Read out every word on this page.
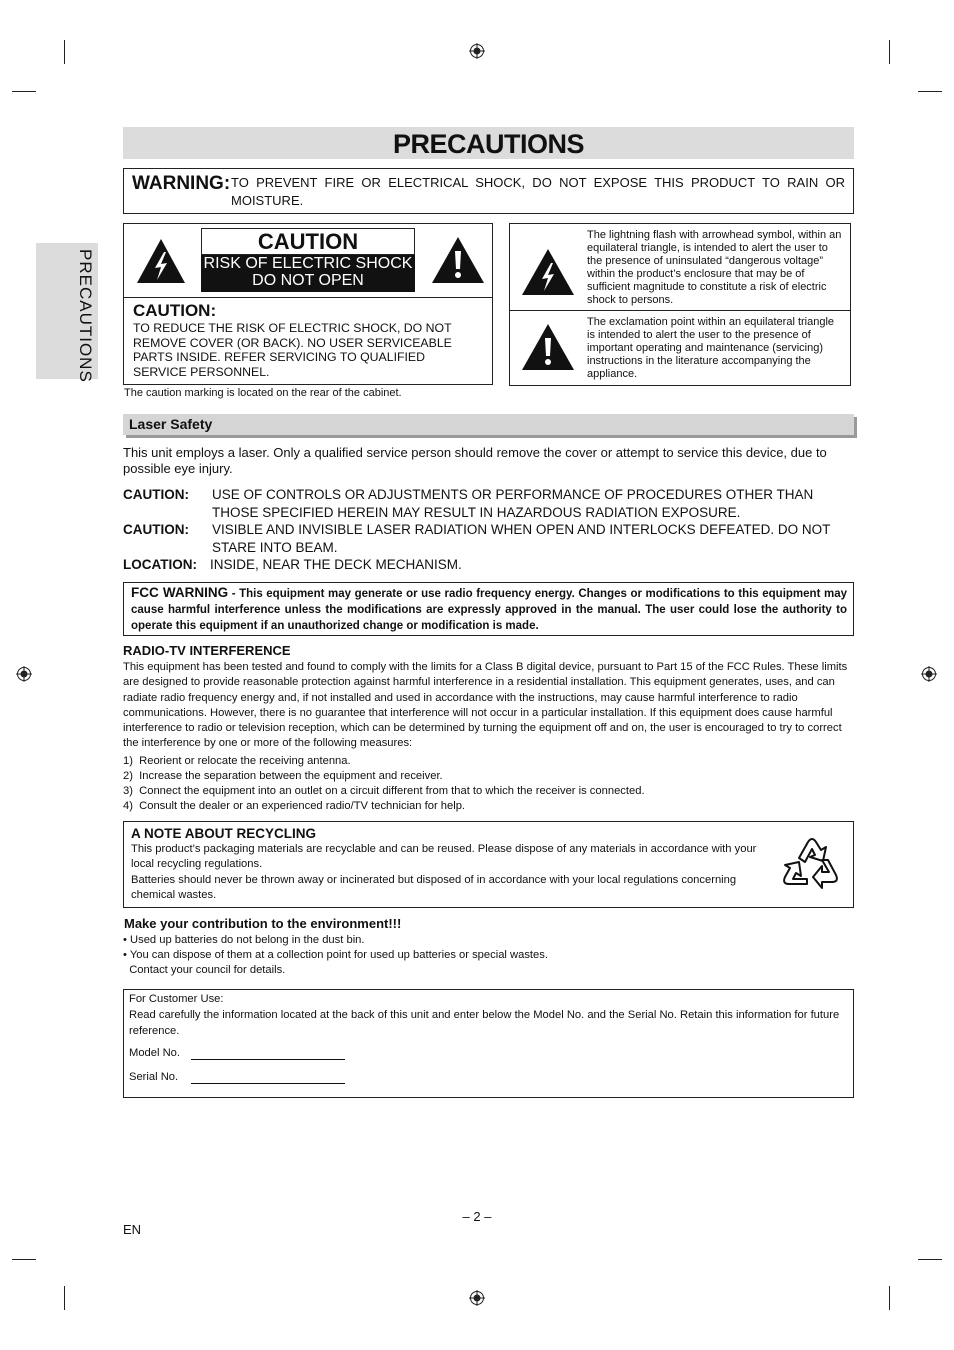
PRECAUTIONS
PRECAUTIONS
WARNING: TO PREVENT FIRE OR ELECTRICAL SHOCK, DO NOT EXPOSE THIS PRODUCT TO RAIN OR
MOISTURE.
CAUTION
RISK OF ELECTRIC SHOCK
DO NOT OPEN
CAUTION:
TO REDUCE THE RISK OF ELECTRIC SHOCK, DO NOT REMOVE COVER (OR BACK). NO USER SERVICEABLE PARTS INSIDE. REFER SERVICING TO QUALIFIED SERVICE PERSONNEL.
The caution marking is located on the rear of the cabinet.
The lightning flash with arrowhead symbol, within an equilateral triangle, is intended to alert the user to the presence of uninsulated “dangerous voltage” within the product’s enclosure that may be of sufficient magnitude to constitute a risk of electric shock to persons.
The exclamation point within an equilateral triangle is intended to alert the user to the presence of important operating and maintenance (servicing) instructions in the literature accompanying the appliance.
Laser Safety
This unit employs a laser. Only a qualified service person should remove the cover or attempt to service this device, due to possible eye injury.
CAUTION:	USE OF CONTROLS OR ADJUSTMENTS OR PERFORMANCE OF PROCEDURES OTHER THAN THOSE SPECIFIED HEREIN MAY RESULT IN HAZARDOUS RADIATION EXPOSURE.
CAUTION:	VISIBLE AND INVISIBLE LASER RADIATION WHEN OPEN AND INTERLOCKS DEFEATED. DO NOT STARE INTO BEAM.
LOCATION: INSIDE, NEAR THE DECK MECHANISM.
FCC WARNING - This equipment may generate or use radio frequency energy. Changes or modifications to this equipment may cause harmful interference unless the modifications are expressly approved in the manual. The user could lose the authority to operate this equipment if an unauthorized change or modification is made.
RADIO-TV INTERFERENCE
This equipment has been tested and found to comply with the limits for a Class B digital device, pursuant to Part 15 of the FCC Rules. These limits are designed to provide reasonable protection against harmful interference in a residential installation. This equipment generates, uses, and can radiate radio frequency energy and, if not installed and used in accordance with the instructions, may cause harmful interference to radio communications. However, there is no guarantee that interference will not occur in a particular installation. If this equipment does cause harmful interference to radio or television reception, which can be determined by turning the equipment off and on, the user is encouraged to try to correct the interference by one or more of the following measures:
1)  Reorient or relocate the receiving antenna.
2)  Increase the separation between the equipment and receiver.
3)  Connect the equipment into an outlet on a circuit different from that to which the receiver is connected.
4)  Consult the dealer or an experienced radio/TV technician for help.
A NOTE ABOUT RECYCLING
This product’s packaging materials are recyclable and can be reused. Please dispose of any materials in accordance with your local recycling regulations.
Batteries should never be thrown away or incinerated but disposed of in accordance with your local regulations concerning chemical wastes.
Make your contribution to the environment!!!
• Used up batteries do not belong in the dust bin.
• You can dispose of them at a collection point for used up batteries or special wastes.
Contact your council for details.
For Customer Use:
Read carefully the information located at the back of this unit and enter below the Model No. and the Serial No. Retain this information for future reference.
Model No.
Serial No.
– 2 –
EN
